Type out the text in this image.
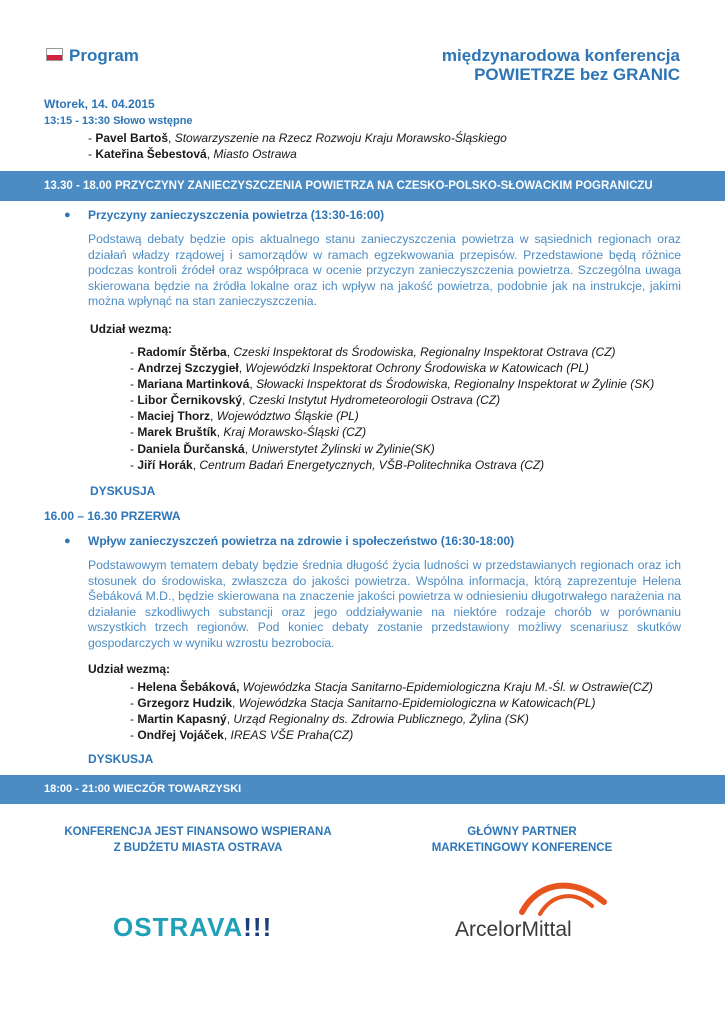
Program	międzynarodowa konferencja
POWIETRZE bez GRANIC
Wtorek, 14. 04.2015
13:15 - 13:30 Słowo wstępne
- Pavel Bartoš, Stowarzyszenie na Rzecz Rozwoju Kraju Morawsko-Śląskiego
- Kateřina Šebestová, Miasto Ostrawa
13.30 - 18.00 PRZYCZYNY ZANIECZYSZCZENIA POWIETRZA NA CZESKO-POLSKO-SŁOWACKIM POGRANICZU
● Przyczyny zanieczyszczenia powietrza (13:30-16:00)
Podstawą debaty będzie opis aktualnego stanu zanieczyszczenia powietrza w sąsiednich regionach oraz działań władzy rządowej i samorządów w ramach egzekwowania przepisów. Przedstawione będą różnice podczas kontroli źródeł oraz współpraca w ocenie przyczyn zanieczyszczenia powietrza. Szczególna uwaga skierowana będzie na źródła lokalne oraz ich wpływ na jakość powietrza, podobnie jak na instrukcje, jakimi można wpłynąć na stan zanieczyszczenia.
Udział wezmą:
- Radomír Štěrba, Czeski Inspektorat ds Środowiska, Regionalny Inspektorat Ostrava (CZ)
- Andrzej Szczygieł, Wojewódzki Inspektorat Ochrony Środowiska w Katowicach (PL)
- Mariana Martinková, Słowacki Inspektorat ds Środowiska, Regionalny Inspektorat w Żylinie (SK)
- Libor Černikovský, Czeski Instytut Hydrometeorologii Ostrava (CZ)
- Maciej Thorz, Województwo Śląskie (PL)
- Marek Bruštík, Kraj Morawsko-Śląski (CZ)
- Daniela Ďurčanská, Uniwerstytet Żylinski w Żylinie(SK)
- Jiří Horák, Centrum Badań Energetycznych, VŠB-Politechnika Ostrava (CZ)
DYSKUSJA
16.00 – 16.30 PRZERWA
● Wpływ zanieczyszczeń powietrza na zdrowie i społeczeństwo (16:30-18:00)
Podstawowym tematem debaty będzie średnia długość życia ludności w przedstawianych regionach oraz ich stosunek do środowiska, zwłaszcza do jakości powietrza. Wspólna informacja, którą zaprezentuje Helena Šebáková M.D., będzie skierowana na znaczenie jakości powietrza w odniesieniu długotrwałego narażenia na działanie szkodliwych substancji oraz jego oddziaływanie na niektóre rodzaje chorób w porównaniu wszystkich trzech regionów. Pod koniec debaty zostanie przedstawiony możliwy scenariusz skutków gospodarczych w wyniku wzrostu bezrobocia.
Udział wezmą:
- Helena Šebáková, Wojewódzka Stacja Sanitarno-Epidemiologiczna Kraju M.-Śl. w Ostrawie(CZ)
- Grzegorz Hudzik, Wojewódzka Stacja Sanitarno-Epidemiologiczna w Katowicach(PL)
- Martin Kapasný, Urząd Regionalny ds. Zdrowia Publicznego, Żylina (SK)
- Ondřej Vojáček, IREAS VŠE Praha(CZ)
DYSKUSJA
18:00 - 21:00 WIECZÓR TOWARZYSKI
KONFERENCJA JEST FINANSOWO WSPIERANA
Z BUDŻETU MIASTA OSTRAVA
GŁÓWNY PARTNER
MARKETINGOWY KONFERENCE
OSTRAVA!!!	ArcelorMittal
